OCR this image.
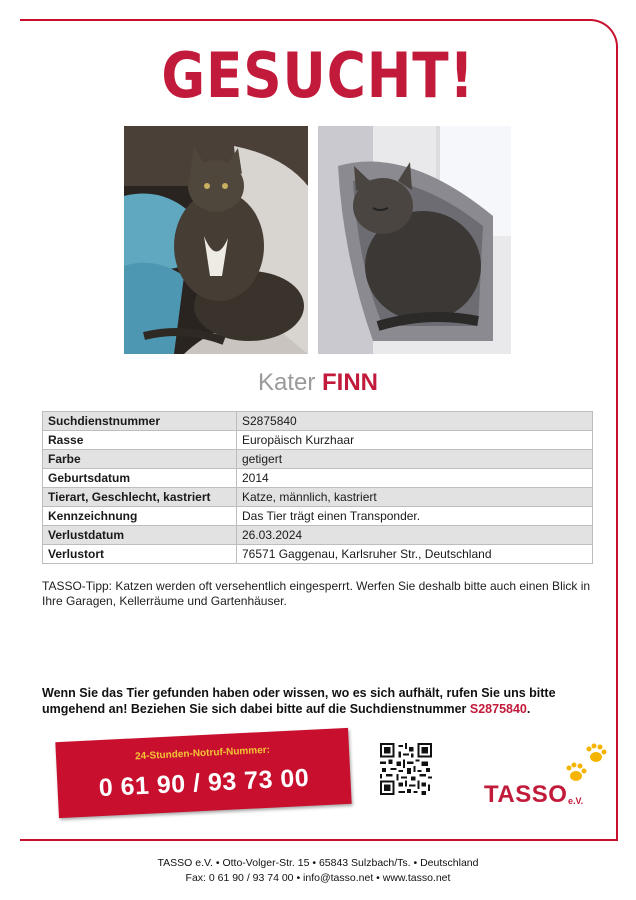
GESUCHT!
Kater FINN
Suchdienstnummer	S2875840
Rasse	Europäisch Kurzhaar
Farbe	getigert
Geburtsdatum	2014
Tierart, Geschlecht, kastriert	Katze, männlich, kastriert
Kennzeichnung	Das Tier trägt einen Transponder.
Verlustdatum	26.03.2024
Verlustort	76571 Gaggenau, Karlsruher Str., Deutschland
TASSO-Tipp: Katzen werden oft versehentlich eingesperrt. Werfen Sie deshalb bitte auch einen Blick in Ihre Garagen, Kellerräume und Gartenhäuser.
Wenn Sie das Tier gefunden haben oder wissen, wo es sich aufhält, rufen Sie uns bitte umgehend an! Beziehen Sie sich dabei bitte auf die Suchdienstnummer S2875840.
24-Stunden-Notruf-Nummer:
0 61 90 / 93 73 00	TASSO e.V.
TASSO e.V. • Otto-Volger-Str. 15 • 65843 Sulzbach/Ts. • Deutschland
Fax: 0 61 90 / 93 74 00 • info@tasso.net • www.tasso.net
